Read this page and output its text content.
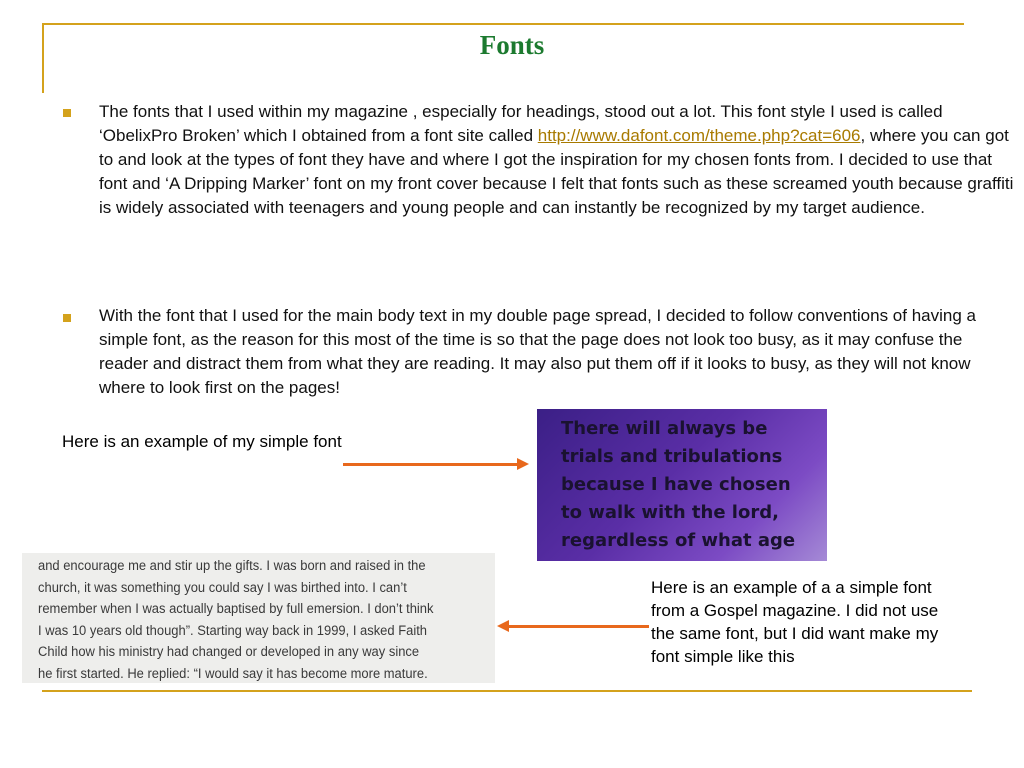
Fonts
The fonts that I used within my magazine , especially for headings, stood out a lot. This font style I used is called ‘ObelixPro Broken’ which I obtained from a font site called http://www.dafont.com/theme.php?cat=606, where you can got to and look at the types of font they have and where I got the inspiration for my chosen fonts from. I decided to use that font and ‘A Dripping Marker’ font on my front cover because I felt that fonts such as these screamed youth because graffiti is widely associated with teenagers and young people and can instantly be recognized by my target audience.
With the font that I used for the main body text in my double page spread, I decided to follow conventions of having a simple font, as the reason for this most of the time is so that the page does not look too busy, as it may confuse the reader and distract them from what they are reading. It may also put them off if it looks to busy, as they will not know where to look first on the pages!
Here is an example of my simple font
There will always be
trials and tribulations
because I have chosen
to walk with the lord,
regardless of what age
and encourage me and stir up the gifts. I was born and raised in the
church, it was something you could say I was birthed into. I can’t
remember when I was actually baptised by full emersion. I don’t think
I was 10 years old though”. Starting way back in 1999, I asked Faith
Child how his ministry had changed or developed in any way since
he first started. He replied: “I would say it has become more mature.
Here is an example of a a simple font from a Gospel magazine. I did not use the same font, but I did want make my font simple like this
